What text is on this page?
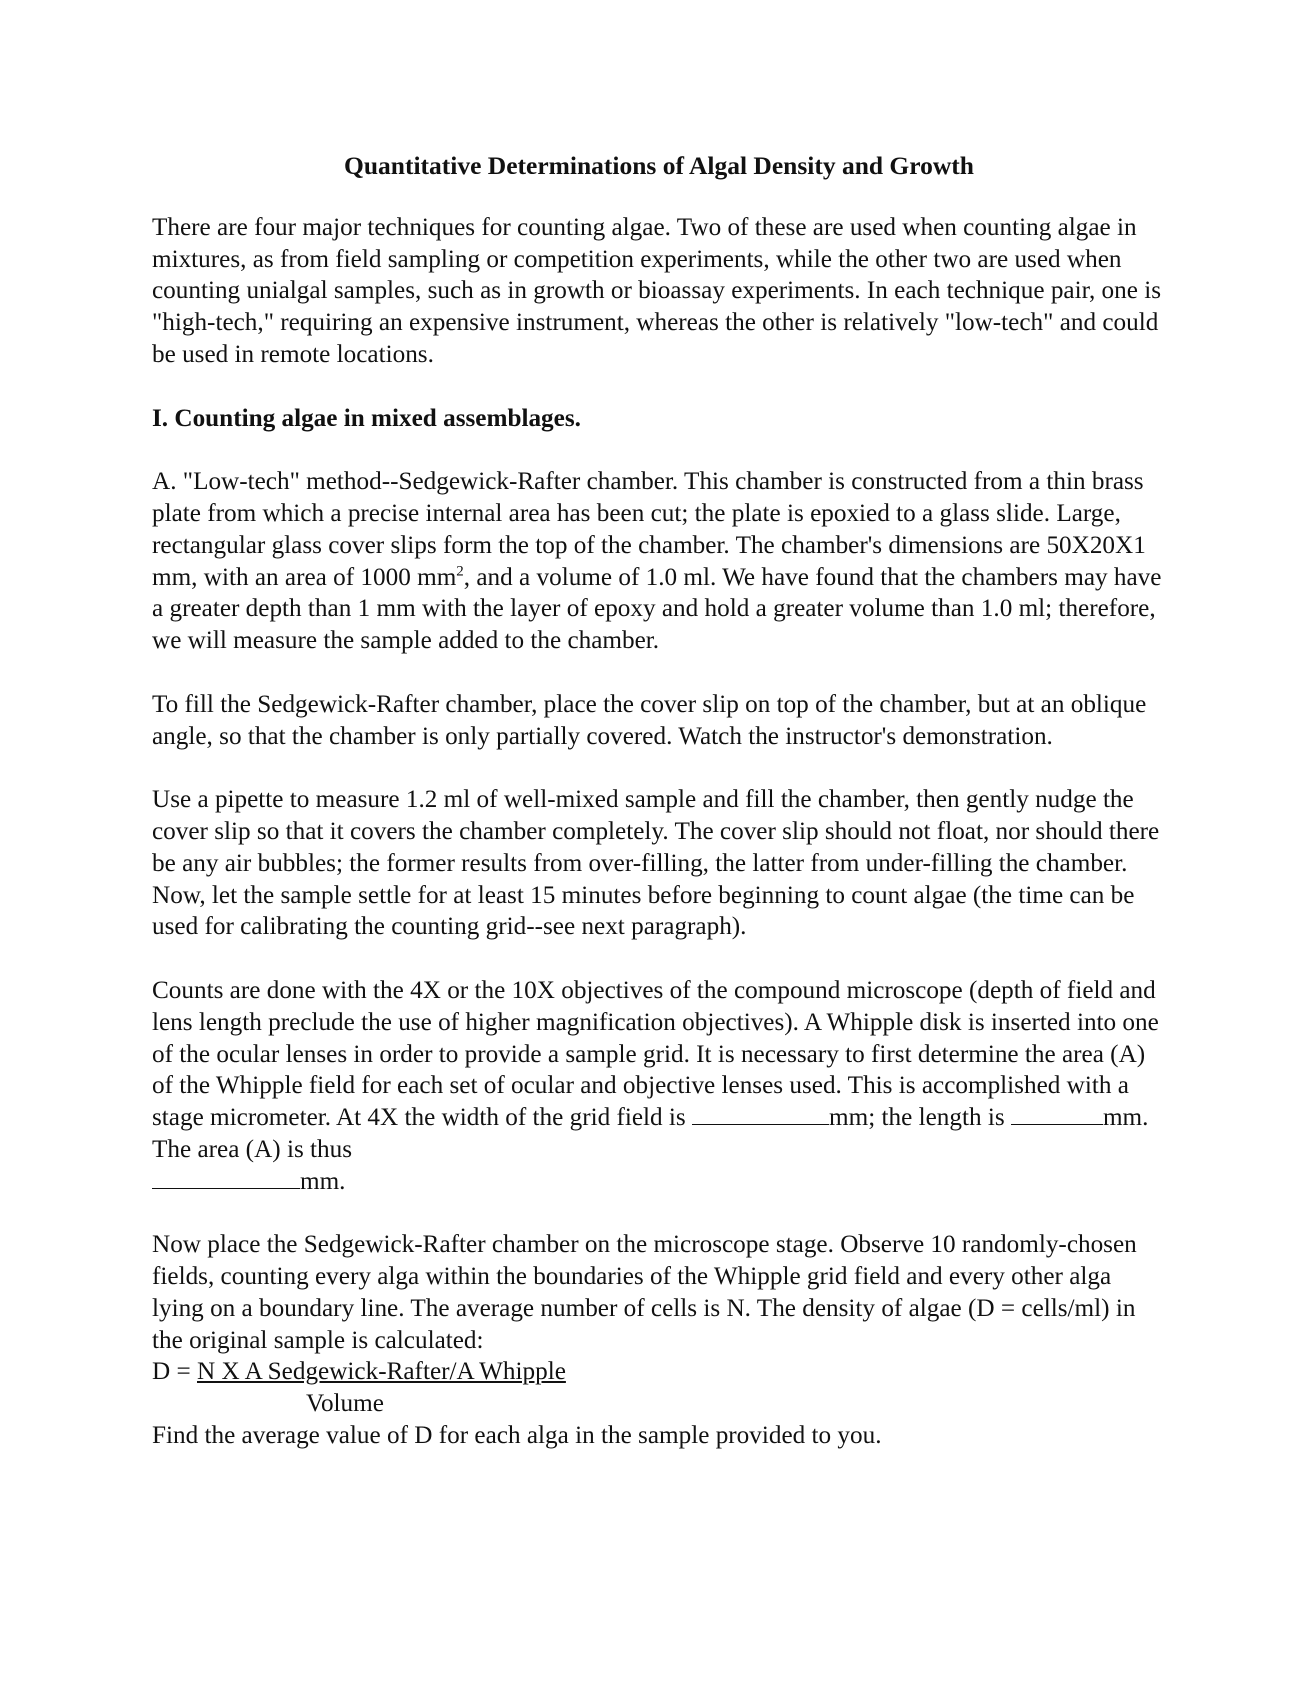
Quantitative Determinations of Algal Density and Growth

There are four major techniques for counting algae. Two of these are used when counting algae in mixtures, as from field sampling or competition experiments, while the other two are used when counting unialgal samples, such as in growth or bioassay experiments. In each technique pair, one is "high-tech," requiring an expensive instrument, whereas the other is relatively "low-tech" and could be used in remote locations.

I. Counting algae in mixed assemblages.

A. "Low-tech" method--Sedgewick-Rafter chamber. This chamber is constructed from a thin brass plate from which a precise internal area has been cut; the plate is epoxied to a glass slide. Large, rectangular glass cover slips form the top of the chamber. The chamber's dimensions are 50X20X1 mm, with an area of 1000 $mm^2$, and a volume of 1.0 ml. We have found that the chambers may have a greater depth than 1 mm with the layer of epoxy and hold a greater volume than 1.0 ml; therefore, we will measure the sample added to the chamber.

To fill the Sedgewick-Rafter chamber, place the cover slip on top of the chamber, but at an oblique angle, so that the chamber is only partially covered. Watch the instructor's demonstration.

Use a pipette to measure 1.2 ml of well-mixed sample and fill the chamber, then gently nudge the cover slip so that it covers the chamber completely. The cover slip should not float, nor should there be any air bubbles; the former results from over-filling, the latter from under-filling the chamber. Now, let the sample settle for at least 15 minutes before beginning to count algae (the time can be used for calibrating the counting grid--see next paragraph).

Counts are done with the 4X or the 10X objectives of the compound microscope (depth of field and lens length preclude the use of higher magnification objectives). A Whipple disk is inserted into one of the ocular lenses in order to provide a sample grid. It is necessary to first determine the area (A) of the Whipple field for each set of ocular and objective lenses used. This is accomplished with a stage micrometer. At 4X the width of the grid field is	mm; the length is	mm. The area (A) is thus
mm.

Now place the Sedgewick-Rafter chamber on the microscope stage. Observe 10 randomly-chosen fields, counting every alga within the boundaries of the Whipple grid field and every other alga lying on a boundary line. The average number of cells is N. The density of algae (D = cells/ml) in the original sample is calculated:
D = N X A Sedgewick-Rafter/A Whipple
Volume
Find the average value of D for each alga in the sample provided to you.
